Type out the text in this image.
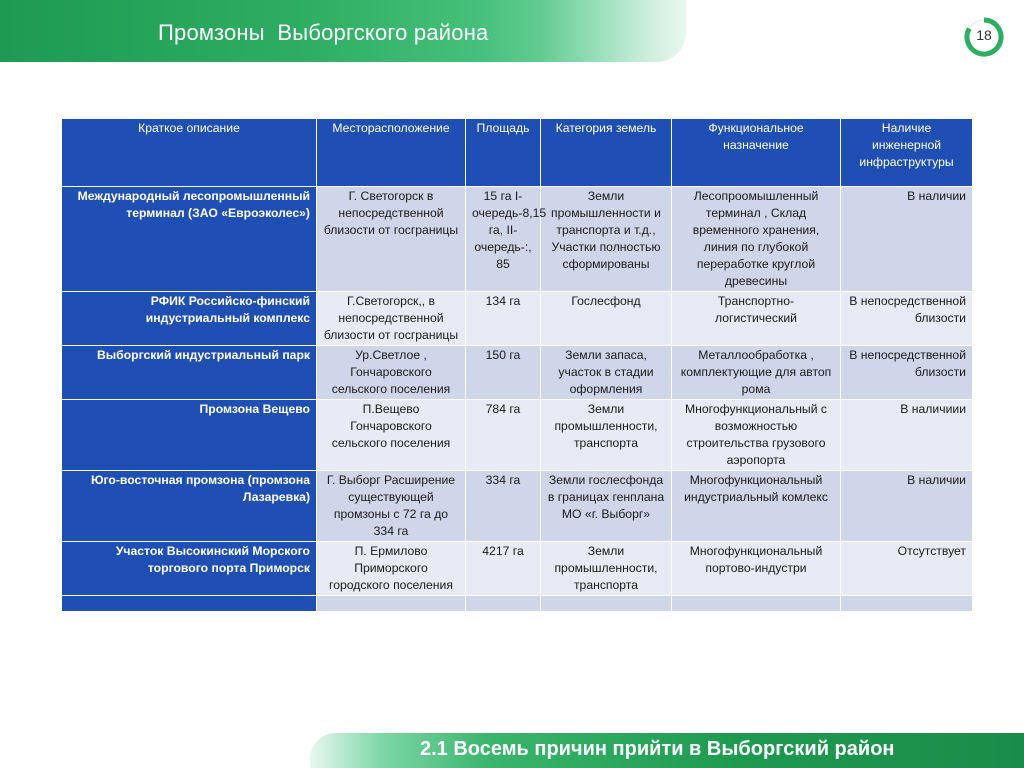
Промзоны  Выборгского района	18
Краткое описание	Месторасположение	Площадь	Категория земель	Функциональное назначение	Наличие инженерной инфраструктуры
Международный лесопромышленный терминал (ЗАО «Евроэколес»)	Г. Светогорск в непосредственной близости от госграницы	15 га I-очередь-8,15 га, II-очередь-:, 85	Земли промышленности и транспорта и т.д., Участки полностью сформированы	Лесопроомышленный терминал , Склад временного хранения, линия по глубокой переработке круглой древесины	В наличии
РФИК Российско-финский индустриальный комплекс	Г.Светогорск,, в непосредственной близости от госграницы	134 га	Гослесфонд	Транспортно-логистический	В непосредственной близости
Выборгский индустриальный парк	Ур.Светлое , Гончаровского сельского поселения	150 га	Земли запаса, участок в стадии оформления	Металлообработка , комплектующие для автоп рома	В непосредственной близости
Промзона Вещево	П.Вещево Гончаровского сельского поселения	784 га	Земли промышленности, транспорта	Многофункциональный с возможностью строительства грузового аэропорта	В наличиии
Юго-восточная промзона (промзона Лазаревка)	Г. Выборг Расширение существующей промзоны с 72 га до 334 га	334 га	Земли гослесфонда в границах генплана МО «г. Выборг»	Многофункциональный индустриальный комлекс	В наличии
Участок Высокинский Морского торгового порта Приморск	П. Ермилово Приморского городского поселения	4217 га	Земли промышленности, транспорта	Многофункциональный портово-индустри	Отсутствует

2.1 Восемь причин прийти в Выборгский район
